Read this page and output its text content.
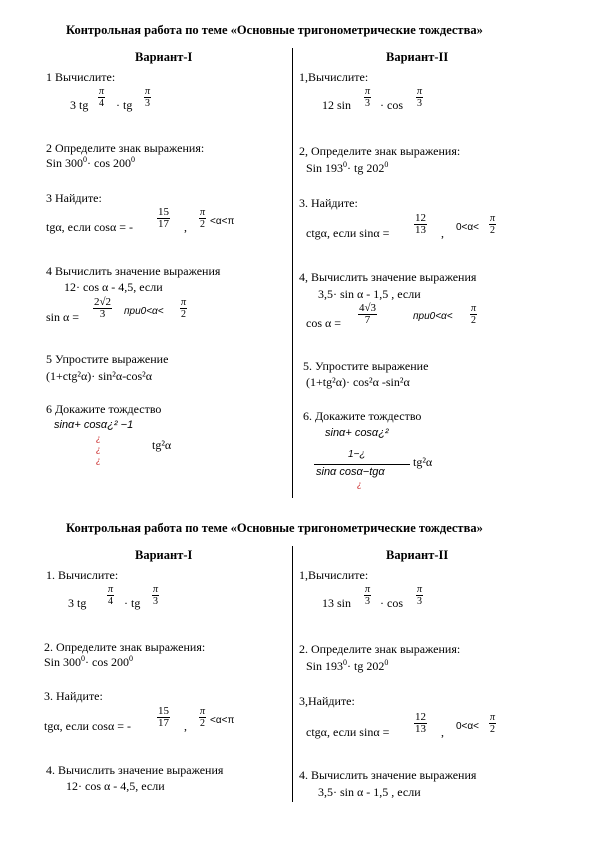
Контрольная работа по теме «Основные тригонометрические тождества»
Вариант-I
1 Вычислите:
3 tg $\frac{\pi}{4}$ · tg $\frac{\pi}{3}$
2 Определите знак выражения:
Sin $300^0\cdot \cos 200^0$
3 Найдите:
tgα, если cosα = - $\frac{15}{17}$ , $\frac{\pi}{2} <\alpha<\pi$
4 Вычислить значение выражения
12· cos α - 4,5, если
$\sin \alpha = \frac{2√2}{3} при0<\alpha< \frac{\pi}{2}$
5 Упростите выражение
(1+ctg²α)· sin²α-cos²α
6 Докажите тождество
sinα+ cosα¿² −1
¿
¿
¿
tg²α
Вариант-II
1,Вычислите:
12 $\sin \frac{\pi}{3} \cdot \cos \frac{\pi}{3}$
2, Определите знак выражения:
Sin $193^0\cdot$ tg $202^0$
3. Найдите:
ctgα, если $\sin\alpha = \frac{12}{13}$ , $0<\alpha< \frac{\pi}{2}$
4, Вычислить значение выражения
3,5· sin α - 1,5 , если
$\cos \alpha = \frac{4√3}{7}$	$при0<\alpha< \frac{\pi}{2}$
5. Упростите выражение
(1+tg²α)· cos²α -sin²α
6. Докажите тождество
sinα+ cosα¿²
1−¿
sinα cosα−tgα
¿
tg²α
Контрольная работа по теме «Основные тригонометрические тождества»
Вариант-I
1. Вычислите:
3 tg $\frac{\pi}{4}$ · tg $\frac{\pi}{3}$
2. Определите знак выражения:
Sin $300^0\cdot \cos 200^0$
3. Найдите:
tgα, если cosα = - $\frac{15}{17}$ , $\frac{\pi}{2} <\alpha<\pi$
4. Вычислить значение выражения
12· cos α - 4,5, если
Вариант-II
1,Вычислите:
13 $\sin \frac{\pi}{3} \cdot \cos \frac{\pi}{3}$
2. Определите знак выражения:
Sin $193^0\cdot$ tg $202^0$
3,Найдите:
ctgα, если $\sin\alpha = \frac{12}{13}$ , $0<\alpha< \frac{\pi}{2}$
4. Вычислить значение выражения
3,5· sin α - 1,5 , если
